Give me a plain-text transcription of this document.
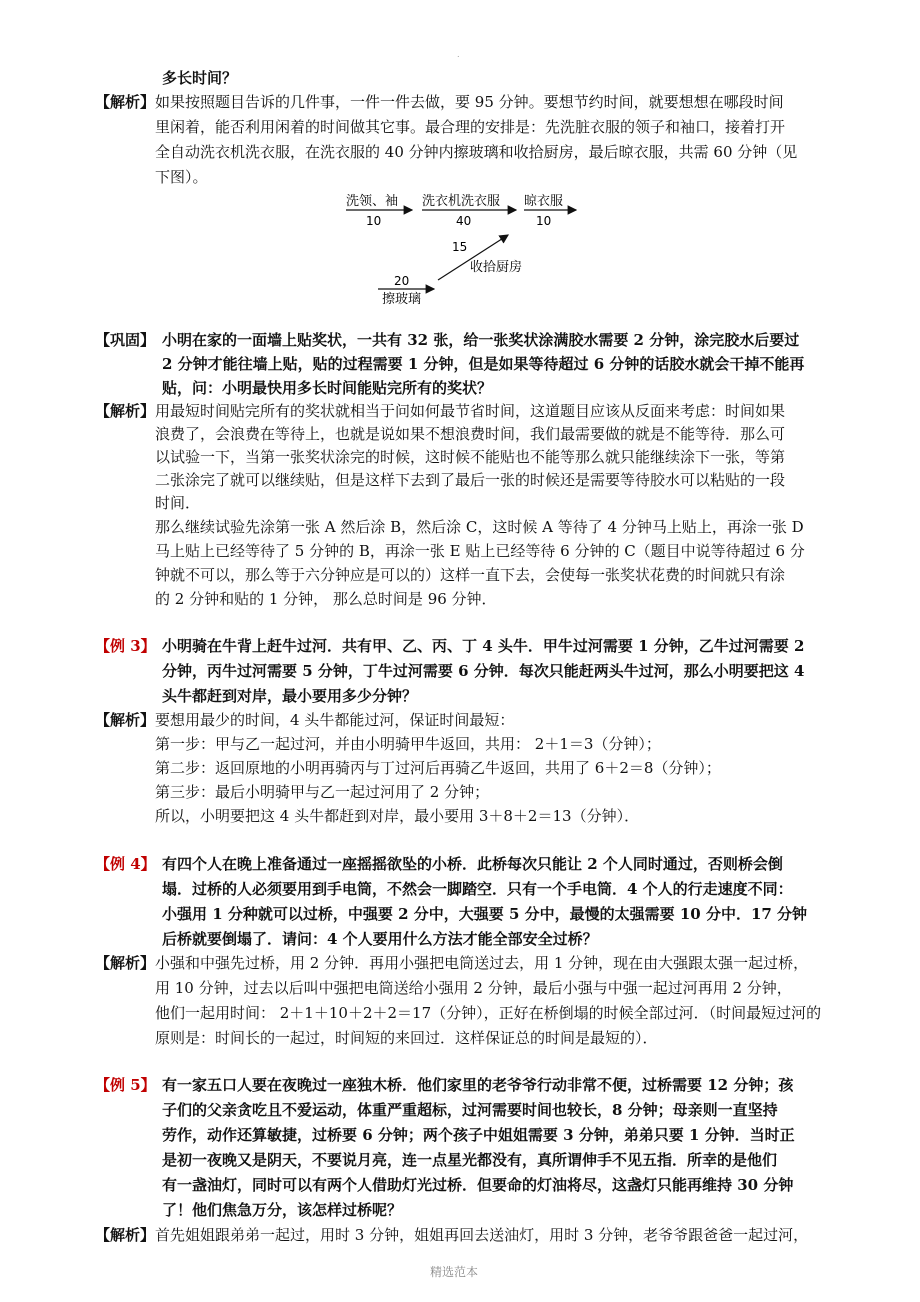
.
多长时间？
【解析】 如果按照题目告诉的几件事，一件一件去做，要 95 分钟。要想节约时间，就要想想在哪段时间
里闲着，能否利用闲着的时间做其它事。最合理的安排是：先洗脏衣服的领子和袖口，接着打开
全自动洗衣机洗衣服，在洗衣服的 40 分钟内擦玻璃和收拾厨房，最后晾衣服，共需 60 分钟（见
下图）。
洗领、袖
10
洗衣机洗衣服
40
晾衣服
10
15
收拾厨房
20
擦玻璃
【巩固】 小明在家的一面墙上贴奖状，一共有 32 张，给一张奖状涂满胶水需要 2 分钟，涂完胶水后要过
2 分钟才能往墙上贴，贴的过程需要 1 分钟，但是如果等待超过 6 分钟的话胶水就会干掉不能再
贴，问：小明最快用多长时间能贴完所有的奖状？
【解析】 用最短时间贴完所有的奖状就相当于问如何最节省时间，这道题目应该从反面来考虑：时间如果
浪费了，会浪费在等待上，也就是说如果不想浪费时间，我们最需要做的就是不能等待．那么可
以试验一下，当第一张奖状涂完的时候，这时候不能贴也不能等那么就只能继续涂下一张，等第
二张涂完了就可以继续贴，但是这样下去到了最后一张的时候还是需要等待胶水可以粘贴的一段
时间．
那么继续试验先涂第一张 A 然后涂 B，然后涂 C，这时候 A 等待了 4 分钟马上贴上，再涂一张 D
马上贴上已经等待了 5 分钟的 B，再涂一张 E 贴上已经等待 6 分钟的 C（题目中说等待超过 6 分
钟就不可以，那么等于六分钟应是可以的）这样一直下去，会使每一张奖状花费的时间就只有涂
的 2 分钟和贴的 1 分钟， 那么总时间是 96 分钟．
【例 3】 小明骑在牛背上赶牛过河．共有甲、乙、丙、丁 4 头牛．甲牛过河需要 1 分钟，乙牛过河需要 2
分钟，丙牛过河需要 5 分钟，丁牛过河需要 6 分钟．每次只能赶两头牛过河，那么小明要把这 4
头牛都赶到对岸，最小要用多少分钟？
【解析】 要想用最少的时间，4 头牛都能过河，保证时间最短：
第一步：甲与乙一起过河，并由小明骑甲牛返回，共用： 2＋1＝3（分钟）；
第二步：返回原地的小明再骑丙与丁过河后再骑乙牛返回，共用了 6＋2＝8（分钟）；
第三步：最后小明骑甲与乙一起过河用了 2 分钟；
所以，小明要把这 4 头牛都赶到对岸，最小要用 3＋8＋2＝13（分钟）．
【例 4】 有四个人在晚上准备通过一座摇摇欲坠的小桥．此桥每次只能让 2 个人同时通过，否则桥会倒
塌．过桥的人必须要用到手电筒，不然会一脚踏空．只有一个手电筒．4 个人的行走速度不同：
小强用 1 分种就可以过桥，中强要 2 分中，大强要 5 分中，最慢的太强需要 10 分中．17 分钟
后桥就要倒塌了．请问：4 个人要用什么方法才能全部安全过桥？
【解析】 小强和中强先过桥，用 2 分钟．再用小强把电筒送过去，用 1 分钟，现在由大强跟太强一起过桥，
用 10 分钟，过去以后叫中强把电筒送给小强用 2 分钟，最后小强与中强一起过河再用 2 分钟，
他们一起用时间： 2＋1＋10＋2＋2＝17（分钟），正好在桥倒塌的时候全部过河．（时间最短过河的
原则是：时间长的一起过，时间短的来回过．这样保证总的时间是最短的）．
【例 5】 有一家五口人要在夜晚过一座独木桥．他们家里的老爷爷行动非常不便，过桥需要 12 分钟；孩
子们的父亲贪吃且不爱运动，体重严重超标，过河需要时间也较长，8 分钟；母亲则一直坚持
劳作，动作还算敏捷，过桥要 6 分钟；两个孩子中姐姐需要 3 分钟，弟弟只要 1 分钟．当时正
是初一夜晚又是阴天，不要说月亮，连一点星光都没有，真所谓伸手不见五指．所幸的是他们
有一盏油灯，同时可以有两个人借助灯光过桥．但要命的灯油将尽，这盏灯只能再维持 30 分钟
了！他们焦急万分，该怎样过桥呢？
【解析】 首先姐姐跟弟弟一起过，用时 3 分钟，姐姐再回去送油灯，用时 3 分钟，老爷爷跟爸爸一起过河，
精选范本
